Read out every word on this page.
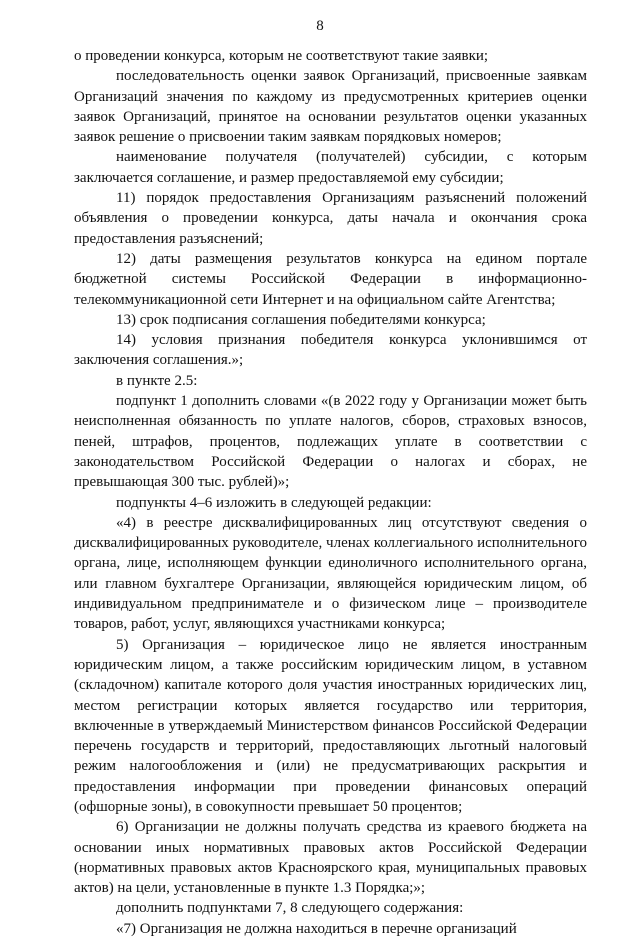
8

о проведении конкурса, которым не соответствуют такие заявки;

последовательность оценки заявок Организаций, присвоенные заявкам Организаций значения по каждому из предусмотренных критериев оценки заявок Организаций, принятое на основании результатов оценки указанных заявок решение о присвоении таким заявкам порядковых номеров;

наименование получателя (получателей) субсидии, с которым заключается соглашение, и размер предоставляемой ему субсидии;

11) порядок предоставления Организациям разъяснений положений объявления о проведении конкурса, даты начала и окончания срока предоставления разъяснений;

12) даты размещения результатов конкурса на едином портале бюджетной системы Российской Федерации в информационно-телекоммуникационной сети Интернет и на официальном сайте Агентства;

13) срок подписания соглашения победителями конкурса;

14) условия признания победителя конкурса уклонившимся от заключения соглашения.»;

в пункте 2.5:

подпункт 1 дополнить словами «(в 2022 году у Организации может быть неисполненная обязанность по уплате налогов, сборов, страховых взносов, пеней, штрафов, процентов, подлежащих уплате в соответствии с законодательством Российской Федерации о налогах и сборах, не превышающая 300 тыс. рублей)»;

подпункты 4–6 изложить в следующей редакции:

«4) в реестре дисквалифицированных лиц отсутствуют сведения о дисквалифицированных руководителе, членах коллегиального исполнительного органа, лице, исполняющем функции единоличного исполнительного органа, или главном бухгалтере Организации, являющейся юридическим лицом, об индивидуальном предпринимателе и о физическом лице – производителе товаров, работ, услуг, являющихся участниками конкурса;

5) Организация – юридическое лицо не является иностранным юридическим лицом, а также российским юридическим лицом, в уставном (складочном) капитале которого доля участия иностранных юридических лиц, местом регистрации которых является государство или территория, включенные в утверждаемый Министерством финансов Российской Федерации перечень государств и территорий, предоставляющих льготный налоговый режим налогообложения и (или) не предусматривающих раскрытия и предоставления информации при проведении финансовых операций (офшорные зоны), в совокупности превышает 50 процентов;

6) Организации не должны получать средства из краевого бюджета на основании иных нормативных правовых актов Российской Федерации (нормативных правовых актов Красноярского края, муниципальных правовых актов) на цели, установленные в пункте 1.3 Порядка;»;

дополнить подпунктами 7, 8 следующего содержания:

«7) Организация не должна находиться в перечне организаций
